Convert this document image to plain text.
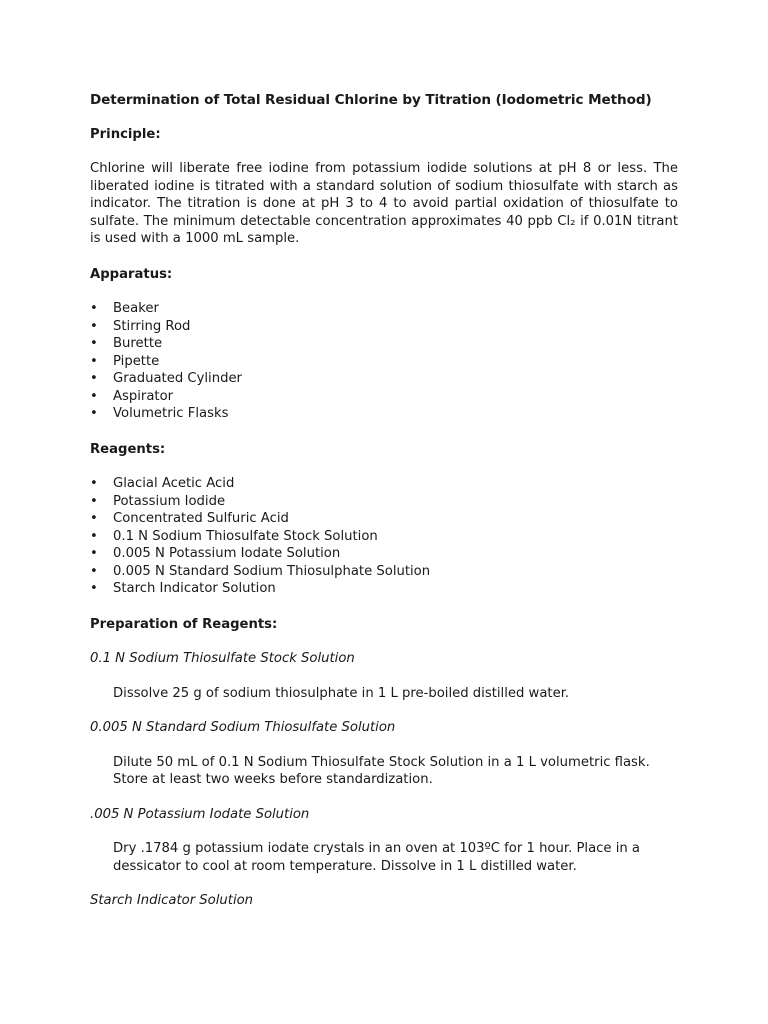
Determination of Total Residual Chlorine by Titration (Iodometric Method)
Principle:
Chlorine will liberate free iodine from potassium iodide solutions at pH 8 or less. The liberated iodine is titrated with a standard solution of sodium thiosulfate with starch as indicator. The titration is done at pH 3 to 4 to avoid partial oxidation of thiosulfate to sulfate. The minimum detectable concentration approximates 40 ppb Cl₂ if 0.01N titrant is used with a 1000 mL sample.
Apparatus:
• Beaker
• Stirring Rod
• Burette
• Pipette
• Graduated Cylinder
• Aspirator
• Volumetric Flasks
Reagents:
• Glacial Acetic Acid
• Potassium Iodide
• Concentrated Sulfuric Acid
• 0.1 N Sodium Thiosulfate Stock Solution
• 0.005 N Potassium Iodate Solution
• 0.005 N Standard Sodium Thiosulphate Solution
• Starch Indicator Solution
Preparation of Reagents:
0.1 N Sodium Thiosulfate Stock Solution
Dissolve 25 g of sodium thiosulphate in 1 L pre-boiled distilled water.
0.005 N Standard Sodium Thiosulfate Solution
Dilute 50 mL of 0.1 N Sodium Thiosulfate Stock Solution in a 1 L volumetric flask. Store at least two weeks before standardization.
.005 N Potassium Iodate Solution
Dry .1784 g potassium iodate crystals in an oven at 103ºC for 1 hour. Place in a dessicator to cool at room temperature. Dissolve in 1 L distilled water.
Starch Indicator Solution
